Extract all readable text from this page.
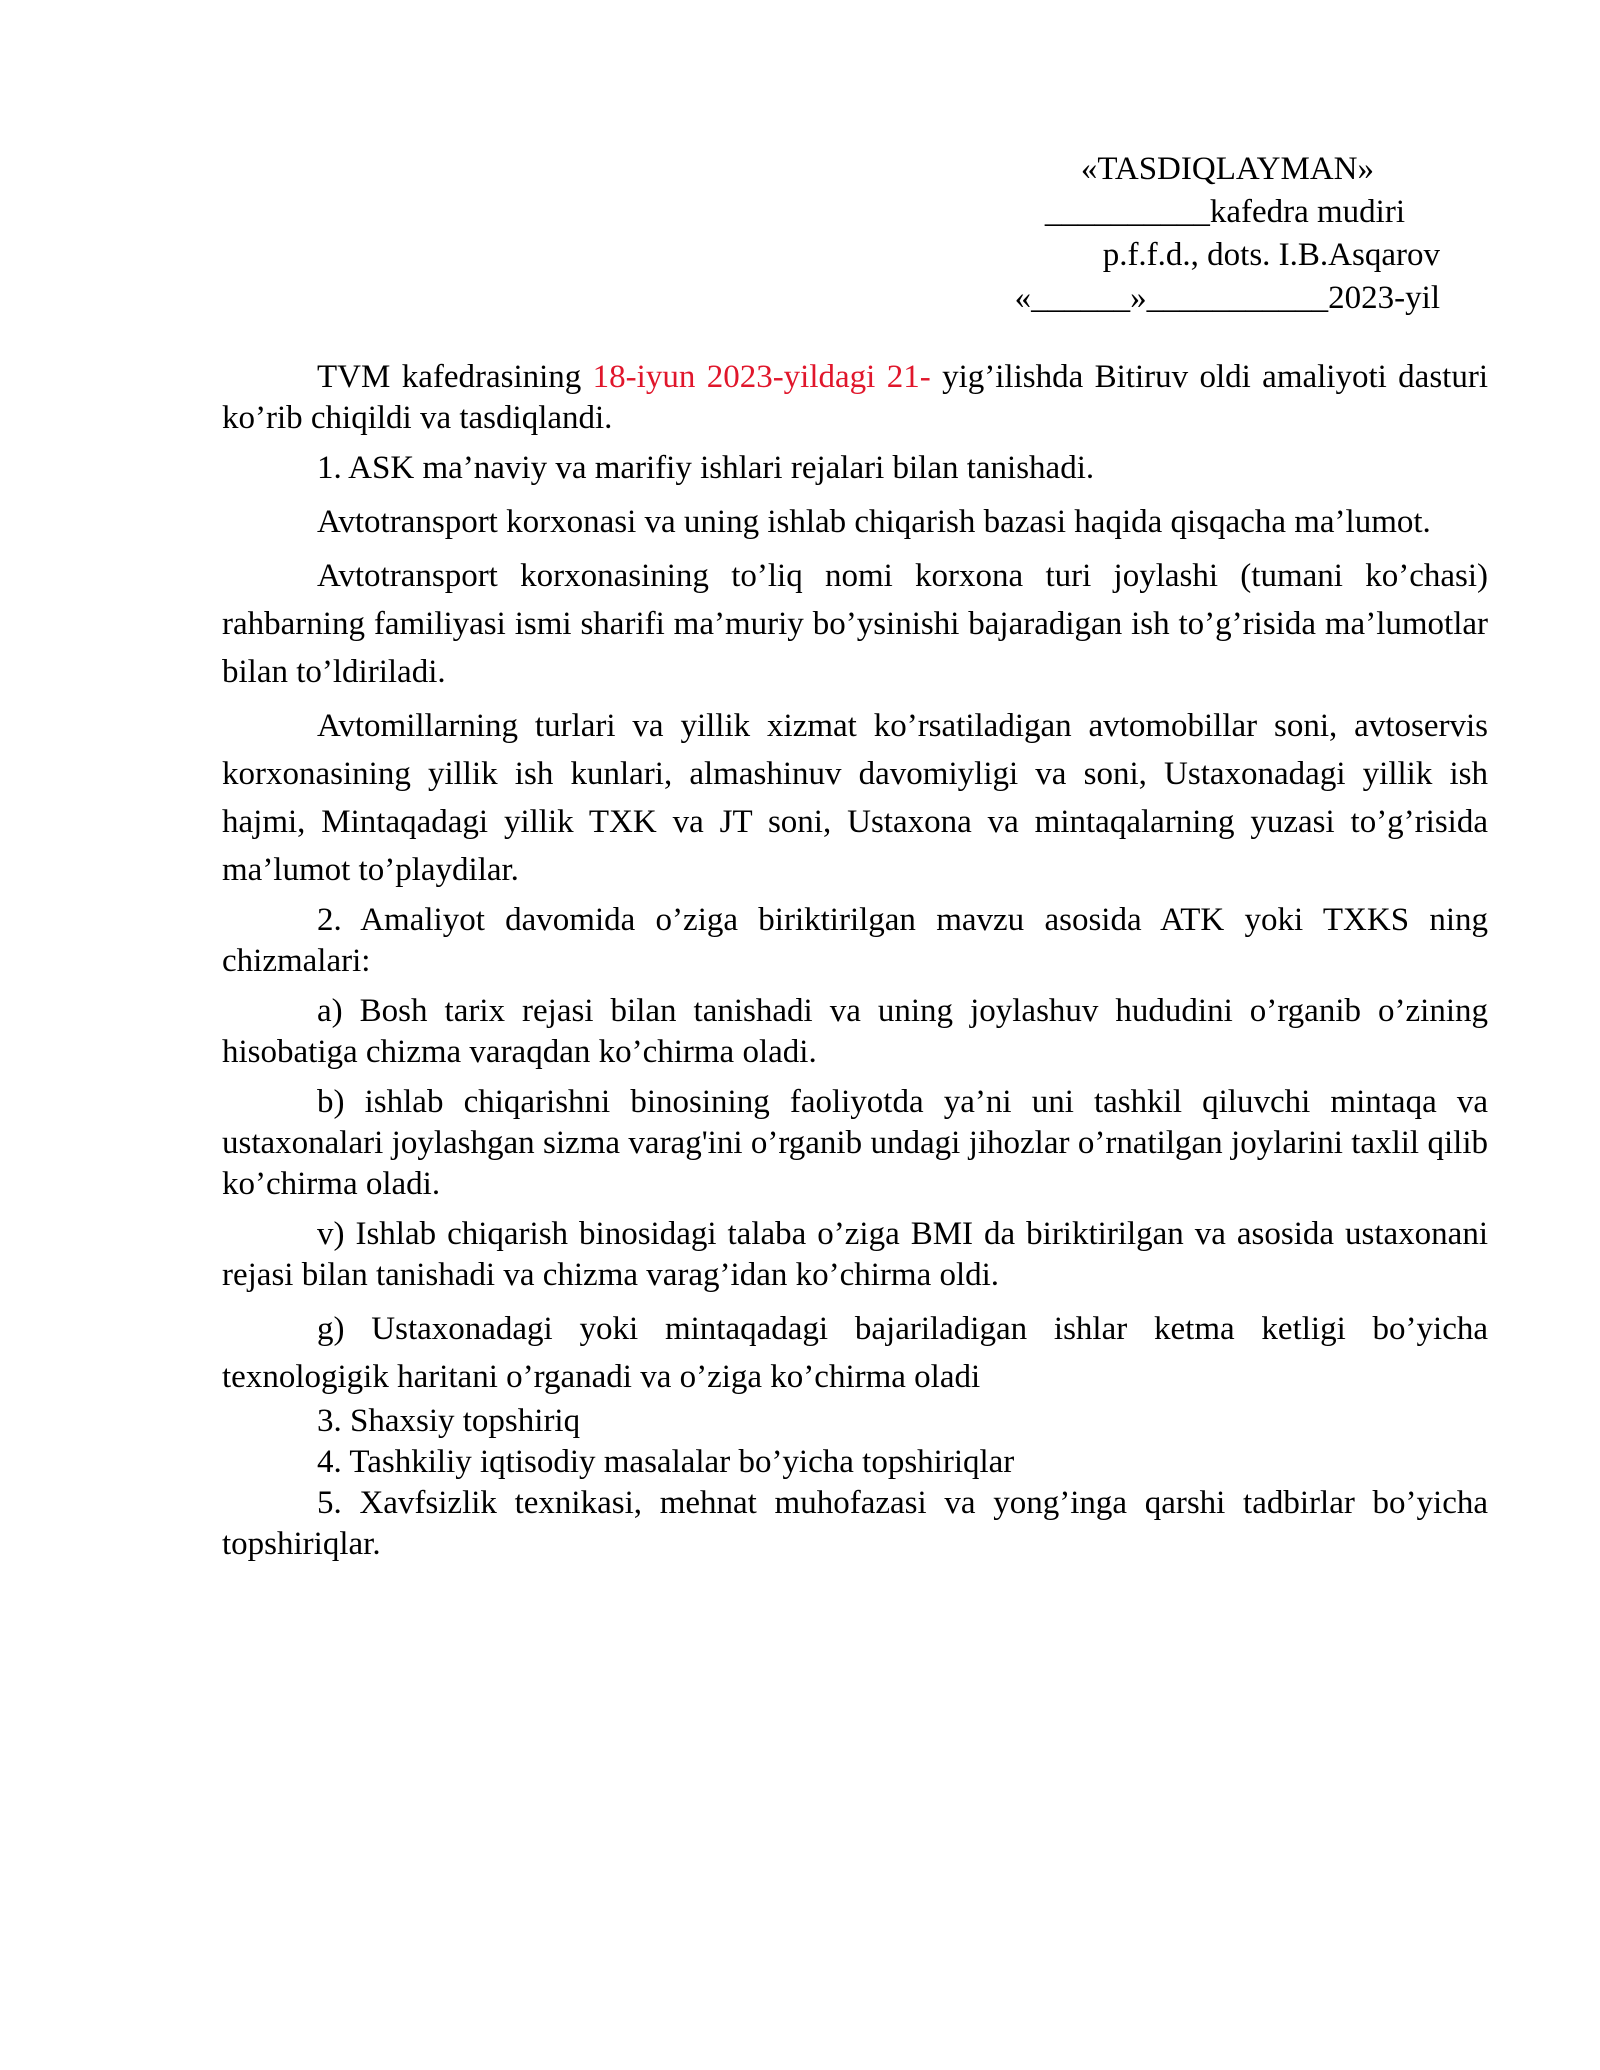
«TASDIQLAYMAN»
__________kafedra mudiri
p.f.f.d., dots. I.B.Asqarov
«______»___________2023-yil

TVM kafedrasining 18-iyun 2023-yildagi 21- yig’ilishda Bitiruv oldi amaliyoti dasturi ko’rib chiqildi va tasdiqlandi.

1. ASK ma’naviy va marifiy ishlari rejalari bilan tanishadi.

Avtotransport korxonasi va uning ishlab chiqarish bazasi haqida qisqacha ma’lumot.

Avtotransport korxonasining to’liq nomi korxona turi joylashi (tumani ko’chasi) rahbarning familiyasi ismi sharifi ma’muriy bo’ysinishi bajaradigan ish to’g’risida ma’lumotlar bilan to’ldiriladi.

Avtomillarning turlari va yillik xizmat ko’rsatiladigan avtomobillar soni, avtoservis korxonasining yillik ish kunlari, almashinuv davomiyligi va soni, Ustaxonadagi yillik ish hajmi, Mintaqadagi yillik TXK va JT soni, Ustaxona va mintaqalarning yuzasi to’g’risida ma’lumot to’playdilar.

2. Amaliyot davomida o’ziga biriktirilgan mavzu asosida ATK yoki TXKS ning chizmalari:

a) Bosh tarix rejasi bilan tanishadi va uning joylashuv hududini o’rganib o’zining hisobatiga chizma varaqdan ko’chirma oladi.

b) ishlab chiqarishni binosining faoliyotda ya’ni uni tashkil qiluvchi mintaqa va ustaxonalari joylashgan sizma varag'ini o’rganib undagi jihozlar o’rnatilgan joylarini taxlil qilib ko’chirma oladi.

v) Ishlab chiqarish binosidagi talaba o’ziga BMI da biriktirilgan va asosida ustaxonani rejasi bilan tanishadi va chizma varag’idan ko’chirma oldi.

g) Ustaxonadagi yoki mintaqadagi bajariladigan ishlar ketma ketligi bo’yicha texnologigik haritani o’rganadi va o’ziga ko’chirma oladi

3. Shaxsiy topshiriq

4. Tashkiliy iqtisodiy masalalar bo’yicha topshiriqlar

5. Xavfsizlik texnikasi, mehnat muhofazasi va yong’inga qarshi tadbirlar bo’yicha topshiriqlar.
